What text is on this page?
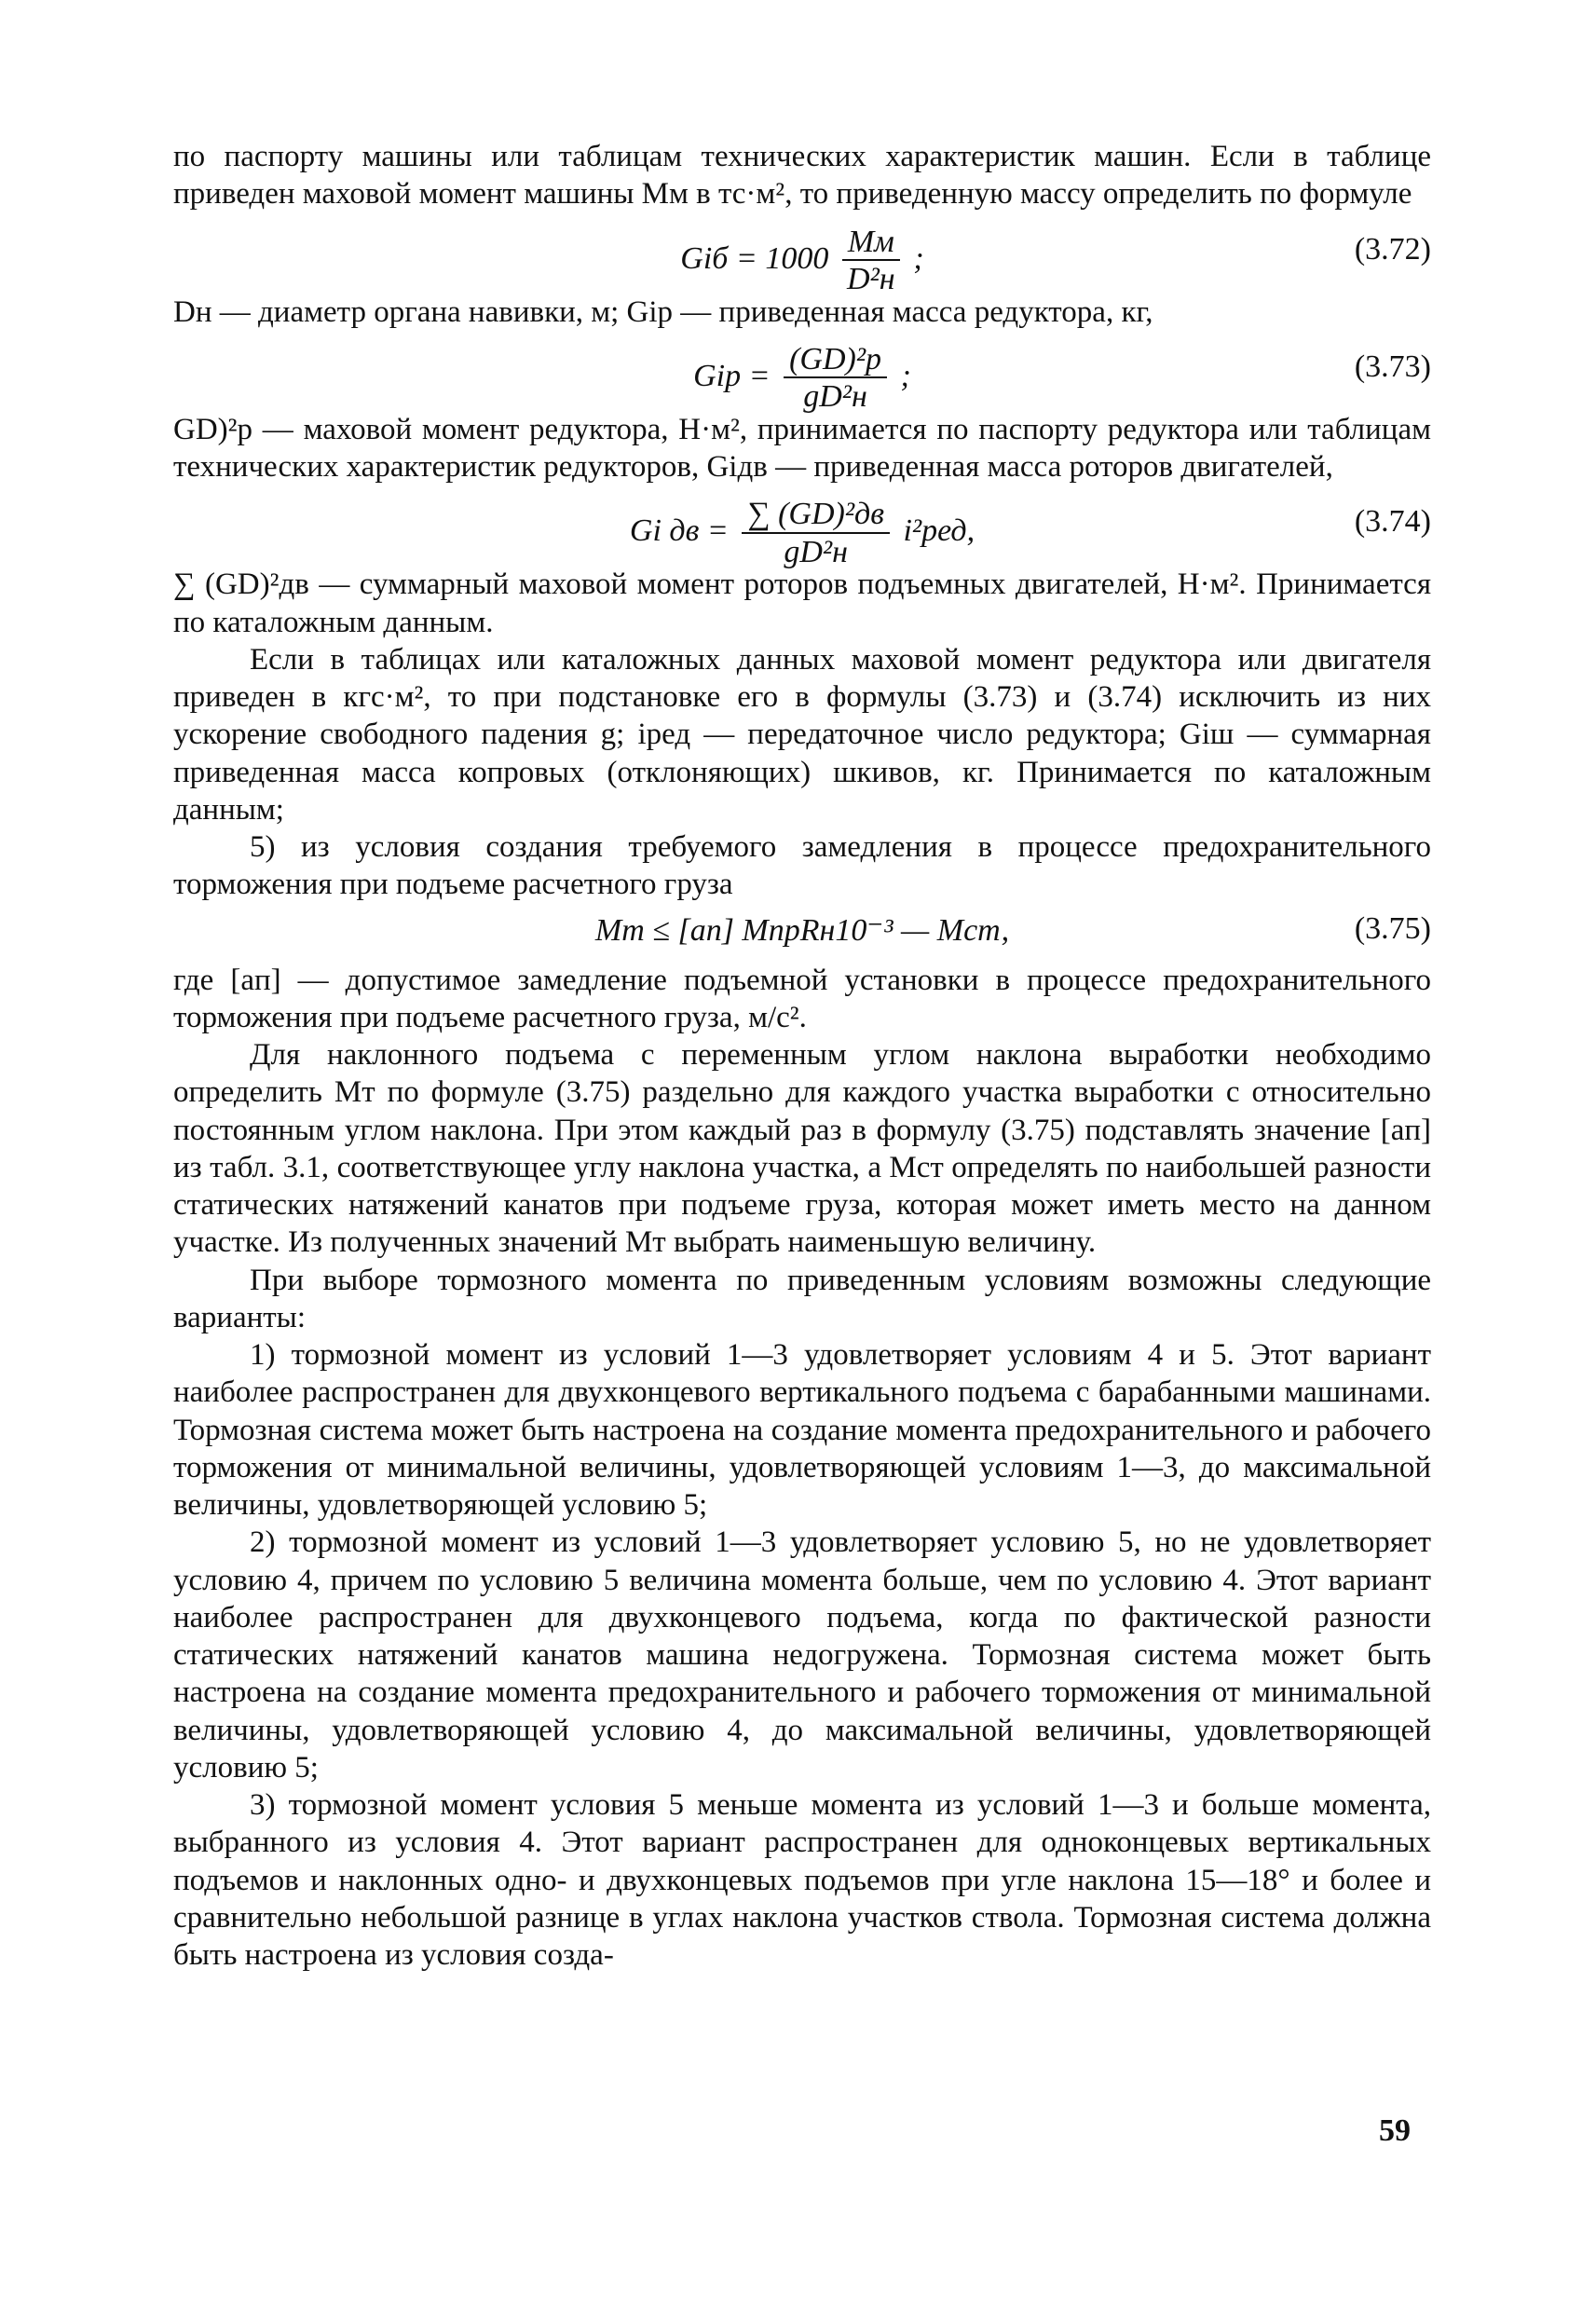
по паспорту машины или таблицам технических характеристик машин. Если в таблице приведен маховой момент машины Mм в тс·м², то приведенную массу определить по формуле

Giб = $1000 \frac{Mм}{\text{D²н}}$ ;	(3.72)

Dн — диаметр органа навивки, м; Giр — приведенная масса редуктора, кг,

Giр = $\frac{\text{(GD)²р}}{\text{gD²н}}$ ;	(3.73)

GD)²р — маховой момент редуктора, Н·м², принимается по паспорту редуктора или таблицам технических характеристик редукторов, Giдв — приведенная масса роторов двигателей,

Gi дв = $\frac{\text{∑ (GD)²дв}}{\text{gD²н}} i^2ред$,	(3.74)

∑ (GD)²дв — суммарный маховой момент роторов подъемных двигателей, Н·м². Принимается по каталожным данным.

Если в таблицах или каталожных данных маховой момент редуктора или двигателя приведен в кгс·м², то при подстановке его в формулы (3.73) и (3.74) исключить из них ускорение свободного падения g; iред — передаточное число редуктора; Giш — суммарная приведенная масса копровых (отклоняющих) шкивов, кг. Принимается по каталожным данным;

5) из условия создания требуемого замедления в процессе предохранительного торможения при подъеме расчетного груза

Mт ≤ [aп] MпрRн10⁻³ — Mст,	(3.75)

где [aп] — допустимое замедление подъемной установки в процессе предохранительного торможения при подъеме расчетного груза, м/с².

Для наклонного подъема с переменным углом наклона выработки необходимо определить Mт по формуле (3.75) раздельно для каждого участка выработки с относительно постоянным углом наклона. При этом каждый раз в формулу (3.75) подставлять значение [aп] из табл. 3.1, соответствующее углу наклона участка, а Mст определять по наибольшей разности статических натяжений канатов при подъеме груза, которая может иметь место на данном участке. Из полученных значений Mт выбрать наименьшую величину.

При выборе тормозного момента по приведенным условиям возможны следующие варианты:

1) тормозной момент из условий 1—3 удовлетворяет условиям 4 и 5. Этот вариант наиболее распространен для двухконцевого вертикального подъема с барабанными машинами. Тормозная система может быть настроена на создание момента предохранительного и рабочего торможения от минимальной величины, удовлетворяющей условиям 1—3, до максимальной величины, удовлетворяющей условию 5;

2) тормозной момент из условий 1—3 удовлетворяет условию 5, но не удовлетворяет условию 4, причем по условию 5 величина момента больше, чем по условию 4. Этот вариант наиболее распространен для двухконцевого подъема, когда по фактической разности статических натяжений канатов машина недогружена. Тормозная система может быть настроена на создание момента предохранительного и рабочего торможения от минимальной величины, удовлетворяющей условию 4, до максимальной величины, удовлетворяющей условию 5;

3) тормозной момент условия 5 меньше момента из условий 1—3 и больше момента, выбранного из условия 4. Этот вариант распространен для одноконцевых вертикальных подъемов и наклонных одно- и двухконцевых подъемов при угле наклона 15—18° и более и сравнительно небольшой разнице в углах наклона участков ствола. Тормозная система должна быть настроена из условия созда-

59
